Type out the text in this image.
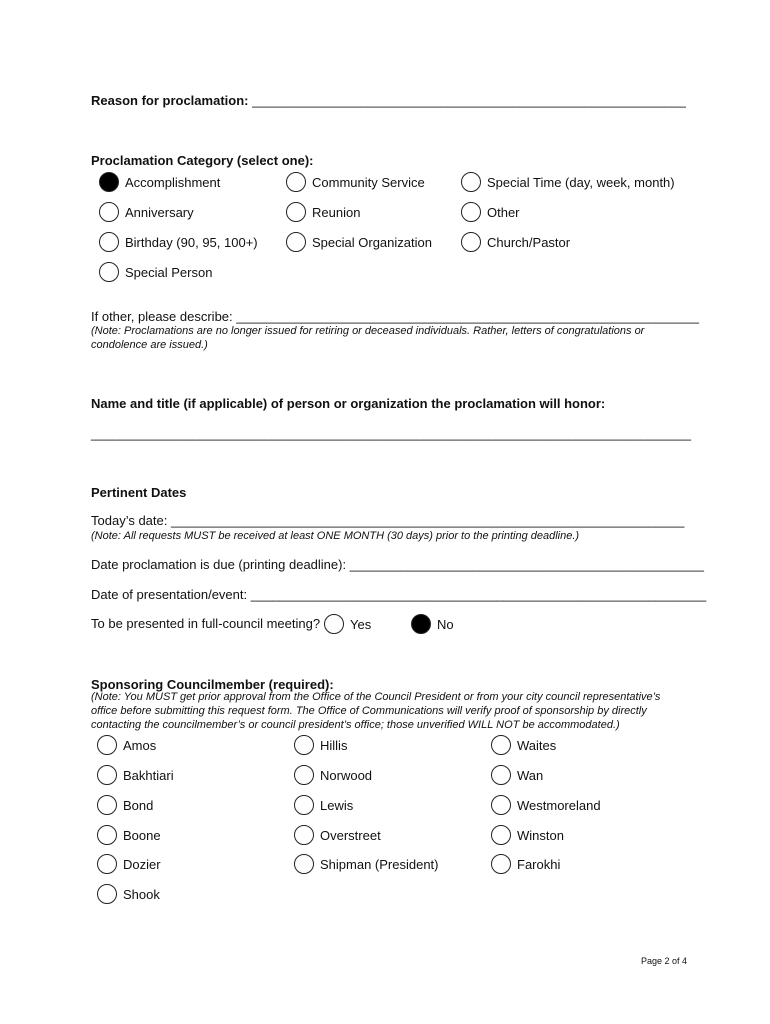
Reason for proclamation: ____________________________________________________________
Proclamation Category (select one):
Accomplishment	Community Service	Special Time (day, week, month)
Anniversary	Reunion	Other
Birthday (90, 95, 100+)	Special Organization	Church/Pastor
Special Person
If other, please describe: ________________________________________________________________
(Note: Proclamations are no longer issued for retiring or deceased individuals. Rather, letters of congratulations or condolence are issued.)
Name and title (if applicable) of person or organization the proclamation will honor:
___________________________________________________________________________________
Pertinent Dates
Today’s date: _______________________________________________________________________
(Note: All requests MUST be received at least ONE MONTH (30 days) prior to the printing deadline.)
Date proclamation is due (printing deadline): _________________________________________________
Date of presentation/event: _______________________________________________________________
To be presented in full-council meeting? Yes	No
Sponsoring Councilmember (required):
(Note: You MUST get prior approval from the Office of the Council President or from your city council representative’s office before submitting this request form. The Office of Communications will verify proof of sponsorship by directly contacting the councilmember’s or council president’s office; those unverified WILL NOT be accommodated.)
Amos	Hillis	Waites
Bakhtiari	Norwood	Wan
Bond	Lewis	Westmoreland
Boone	Overstreet	Winston
Dozier	Shipman (President)	Farokhi
Shook
Page 2 of 4
